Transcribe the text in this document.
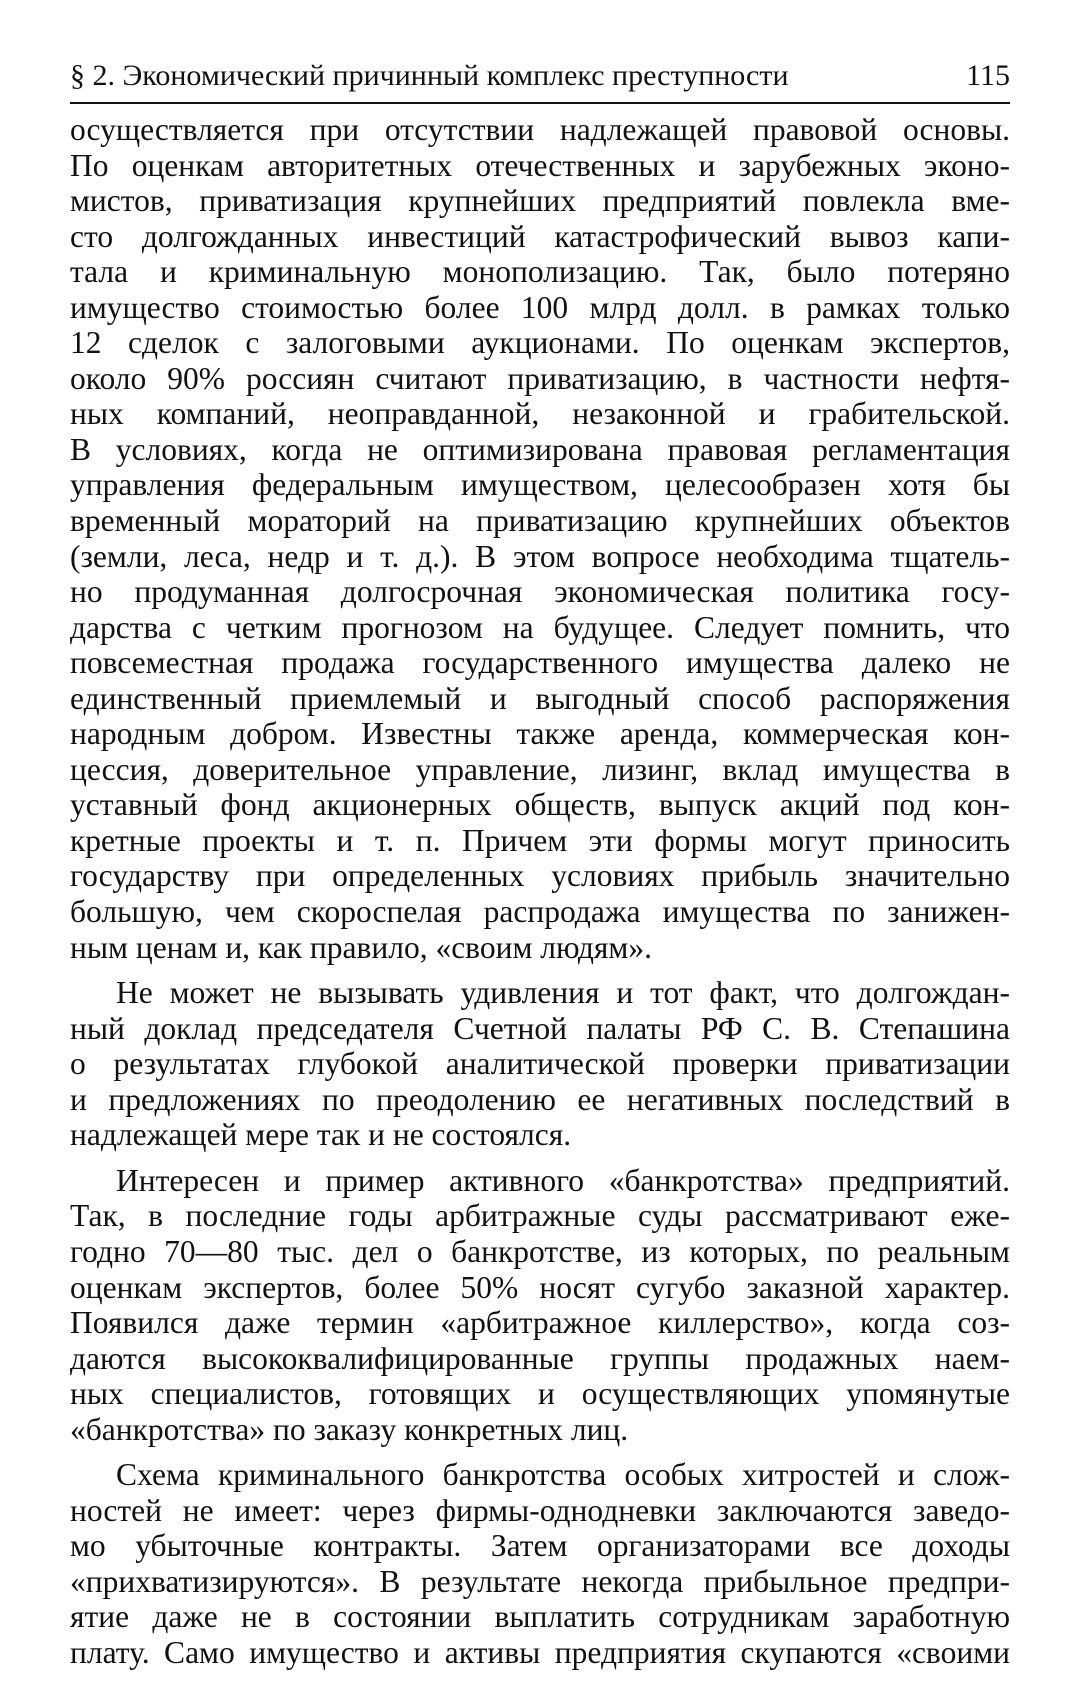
§ 2. Экономический причинный комплекс преступности	115
осуществляется при отсутствии надлежащей правовой основы.
По оценкам авторитетных отечественных и зарубежных эконо-
мистов, приватизация крупнейших предприятий повлекла вме-
сто долгожданных инвестиций катастрофический вывоз капи-
тала и криминальную монополизацию. Так, было потеряно
имущество стоимостью более 100 млрд долл. в рамках только
12 сделок с залоговыми аукционами. По оценкам экспертов,
около 90% россиян считают приватизацию, в частности нефтя-
ных компаний, неоправданной, незаконной и грабительской.
В условиях, когда не оптимизирована правовая регламентация
управления федеральным имуществом, целесообразен хотя бы
временный мораторий на приватизацию крупнейших объектов
(земли, леса, недр и т. д.). В этом вопросе необходима тщатель-
но продуманная долгосрочная экономическая политика госу-
дарства с четким прогнозом на будущее. Следует помнить, что
повсеместная продажа государственного имущества далеко не
единственный приемлемый и выгодный способ распоряжения
народным добром. Известны также аренда, коммерческая кон-
цессия, доверительное управление, лизинг, вклад имущества в
уставный фонд акционерных обществ, выпуск акций под кон-
кретные проекты и т. п. Причем эти формы могут приносить
государству при определенных условиях прибыль значительно
большую, чем скороспелая распродажа имущества по занижен-
ным ценам и, как правило, «своим людям».
Не может не вызывать удивления и тот факт, что долгождан-
ный доклад председателя Счетной палаты РФ С. В. Степашина
о результатах глубокой аналитической проверки приватизации
и предложениях по преодолению ее негативных последствий в
надлежащей мере так и не состоялся.
Интересен и пример активного «банкротства» предприятий.
Так, в последние годы арбитражные суды рассматривают еже-
годно 70—80 тыс. дел о банкротстве, из которых, по реальным
оценкам экспертов, более 50% носят сугубо заказной характер.
Появился даже термин «арбитражное киллерство», когда соз-
даются высококвалифицированные группы продажных наем-
ных специалистов, готовящих и осуществляющих упомянутые
«банкротства» по заказу конкретных лиц.
Схема криминального банкротства особых хитростей и слож-
ностей не имеет: через фирмы-однодневки заключаются заведо-
мо убыточные контракты. Затем организаторами все доходы
«прихватизируются». В результате некогда прибыльное предпри-
ятие даже не в состоянии выплатить сотрудникам заработную
плату. Само имущество и активы предприятия скупаются «своими
